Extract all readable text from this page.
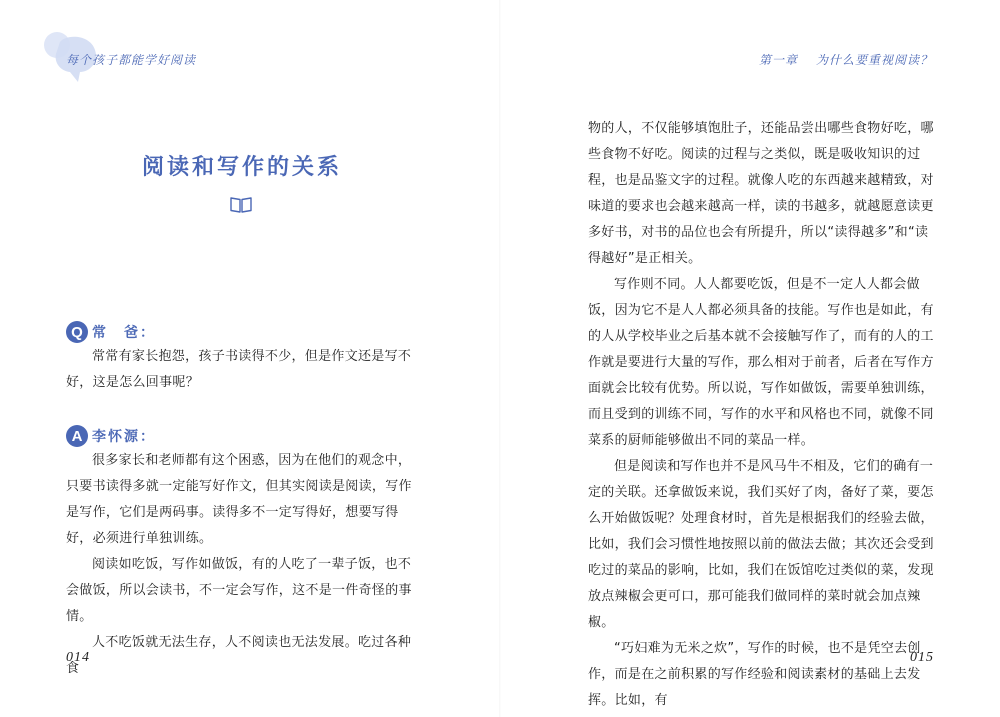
每个孩子都能学好阅读
阅读和写作的关系
Q 常　爸：

常常有家长抱怨，孩子书读得不少，但是作文还是写不好，这是怎么回事呢？

A 李怀源：

很多家长和老师都有这个困惑，因为在他们的观念中，只要书读得多就一定能写好作文，但其实阅读是阅读，写作是写作，它们是两码事。读得多不一定写得好，想要写得好，必须进行单独训练。

阅读如吃饭，写作如做饭，有的人吃了一辈子饭，也不会做饭，所以会读书，不一定会写作，这不是一件奇怪的事情。

人不吃饭就无法生存，人不阅读也无法发展。吃过各种食

014
第一章 为什么要重视阅读？

物的人，不仅能够填饱肚子，还能品尝出哪些食物好吃，哪些食物不好吃。阅读的过程与之类似，既是吸收知识的过程，也是品鉴文字的过程。就像人吃的东西越来越精致，对味道的要求也会越来越高一样，读的书越多，就越愿意读更多好书，对书的品位也会有所提升，所以“读得越多”和“读得越好”是正相关。

写作则不同。人人都要吃饭，但是不一定人人都会做饭，因为它不是人人都必须具备的技能。写作也是如此，有的人从学校毕业之后基本就不会接触写作了，而有的人的工作就是要进行大量的写作，那么相对于前者，后者在写作方面就会比较有优势。所以说，写作如做饭，需要单独训练，而且受到的训练不同，写作的水平和风格也不同，就像不同菜系的厨师能够做出不同的菜品一样。

但是阅读和写作也并不是风马牛不相及，它们的确有一定的关联。还拿做饭来说，我们买好了肉，备好了菜，要怎么开始做饭呢？处理食材时，首先是根据我们的经验去做，比如，我们会习惯性地按照以前的做法去做；其次还会受到吃过的菜品的影响，比如，我们在饭馆吃过类似的菜，发现放点辣椒会更可口，那可能我们做同样的菜时就会加点辣椒。

“巧妇难为无米之炊”，写作的时候，也不是凭空去创作，而是在之前积累的写作经验和阅读素材的基础上去发挥。比如，有

015
